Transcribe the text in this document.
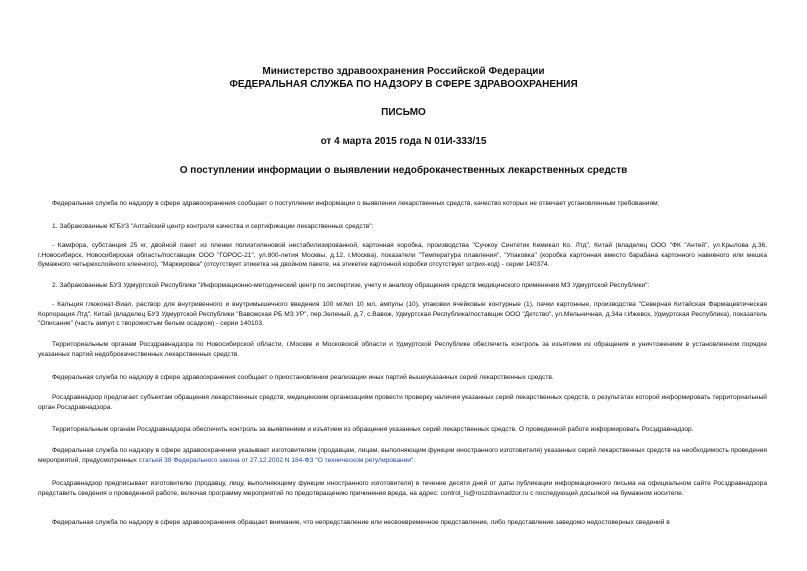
Министерство здравоохранения Российской Федерации
ФЕДЕРАЛЬНАЯ СЛУЖБА ПО НАДЗОРУ В СФЕРЕ ЗДРАВООХРАНЕНИЯ
ПИСЬМО
от 4 марта 2015 года N 01И-333/15
О поступлении информации о выявлении недоброкачественных лекарственных средств
Федеральная служба по надзору в сфере здравоохранения сообщает о поступлении информации о выявлении лекарственных средств, качество которых не отвечает установленным требованиям:
1. Забракованные КГБУЗ "Алтайский центр контроля качества и сертификации лекарственных средств":
- Камфора, субстанция 25 кг, двойной пакет из пленки полиэтиленовой нестабилизированной, картонная коробка, производства "Сучжоу Синтетик Кемикал Ко. Лтд", Китай (владелец ООО "ФК "Антей", ул.Крылова д.36, г.Новосибирск, Новосибирская область/поставщик ООО "ГОРОС-21", ул.800-летия Москвы, д.12, г.Москва), показатели "Температура плавления", "Упаковка" (коробка картонная вместо барабана картонного навивного или мешка бумажного четырехслойного клееного), "Маркировка" (отсутствует этикетка на двойном пакете, на этикетке картонной коробки отсутствует штрих-код) - серии 140374.
2. Забракованные БУЗ Удмуртской Республики "Информационно-методический центр по экспертизе, учету и анализу обращения средств медицинского применения МЗ Удмуртской Республики":
- Кальция глюконат-Виал, раствор для внутривенного и внутримышечного введения 100 мг/мл 10 мл, ампулы (10), упаковки ячейковые контурные (1), пачки картонные, производства "Северная Китайская Фармацевтическая Корпорация Лтд", Китай (владелец БУЗ Удмуртской Республики "Вавожская РБ МЗ УР", пер.Зеленый, д.7, с.Вавож, Удмуртская Республика/поставщик ООО "Детство", ул.Мельничная, д.34а г.Ижевск, Удмуртская Республика), показатель "Описание" (часть ампул с творожистым белым осадком) - серии 140103.
Территориальным органам Росздравнадзора по Новосибирской области, г.Москве и Московской области и Удмуртской Республике обеспечить контроль за изъятием из обращения и уничтожением в установленном порядке указанных партий недоброкачественных лекарственных средств.
Федеральная служба по надзору в сфере здравоохранения сообщает о приостановлении реализации иных партий вышеуказанных серий лекарственных средств.
Росздравнадзор предлагает субъектам обращения лекарственных средств, медицинским организациям провести проверку наличия указанных серий лекарственных средств, о результатах которой информировать территориальный орган Росздравнадзора.
Территориальным органам Росздравнадзора обеспечить контроль за выявлением и изъятием из обращения указанных серий лекарственных средств. О проведенной работе информировать Росздравнадзор.
Федеральная служба по надзору в сфере здравоохранения указывает изготовителям (продавцам, лицам, выполняющим функции иностранного изготовителя) указанных серий лекарственных средств на необходимость проведения мероприятий, предусмотренных статьей 38 Федерального закона от 27.12.2002 N 184-ФЗ "О техническом регулировании".
Росздравнадзор предписывает изготовителю (продавцу, лицу, выполняющему функции иностранного изготовителя) в течение десяти дней от даты публикации информационного письма на официальном сайте Росздравнадзора представить сведения о проведенной работе, включая программу мероприятий по предотвращению причинения вреда, на адрес: control_ls@roszdravnadzor.ru с последующей досылкой на бумажном носителе.
Федеральная служба по надзору в сфере здравоохранения обращает внимание, что непредставление или несвоевременное представление, либо представление заведомо недостоверных сведений в
